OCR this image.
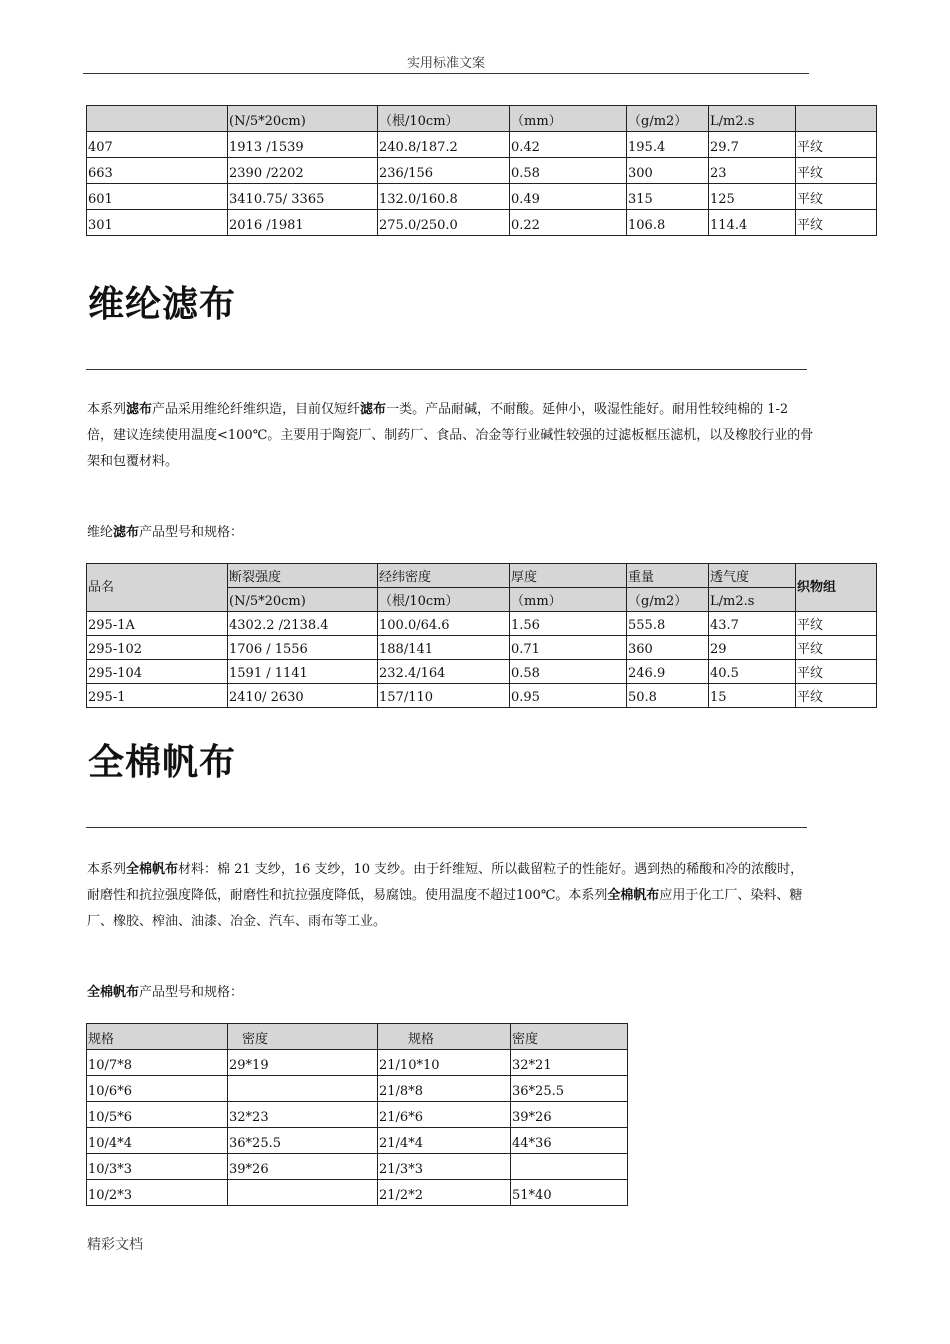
实用标准文案
	(N/5*20cm)	（根/10cm）	（mm）	（g/m2）	L/m2.s	
407	1913 /1539	240.8/187.2	0.42	195.4	29.7	平纹
663	2390 /2202	236/156	0.58	300	23	平纹
601	3410.75/ 3365	132.0/160.8	0.49	315	125	平纹
301	2016 /1981	275.0/250.0	0.22	106.8	114.4	平纹
维纶滤布
本系列滤布产品采用维纶纤维织造，目前仅短纤滤布一类。产品耐碱，不耐酸。延伸小，吸湿性能好。耐用性较纯棉的 1-2 倍，建议连续使用温度<100℃。主要用于陶瓷厂、制药厂、食品、冶金等行业碱性较强的过滤板框压滤机，以及橡胶行业的骨架和包覆材料。
维纶滤布产品型号和规格：
品名	断裂强度	经纬密度	厚度	重量	透气度	织物组
	(N/5*20cm)	（根/10cm）	（mm）	（g/m2）	L/m2.s	
295-1A	4302.2 /2138.4	100.0/64.6	1.56	555.8	43.7	平纹
295-102	1706 / 1556	188/141	0.71	360	29	平纹
295-104	1591 / 1141	232.4/164	0.58	246.9	40.5	平纹
295-1	2410/ 2630	157/110	0.95	50.8	15	平纹
全棉帆布
本系列全棉帆布材料：棉 21 支纱，16 支纱，10 支纱。由于纤维短、所以截留粒子的性能好。遇到热的稀酸和冷的浓酸时，耐磨性和抗拉强度降低，耐磨性和抗拉强度降低，易腐蚀。使用温度不超过100℃。本系列全棉帆布应用于化工厂、染料、糖厂、橡胶、榨油、油漆、冶金、汽车、雨布等工业。
全棉帆布产品型号和规格：
规格	密度	规格	密度
10/7*8	29*19	21/10*10	32*21
10/6*6		21/8*8	36*25.5
10/5*6	32*23	21/6*6	39*26
10/4*4	36*25.5	21/4*4	44*36
10/3*3	39*26	21/3*3	
10/2*3		21/2*2	51*40
精彩文档
